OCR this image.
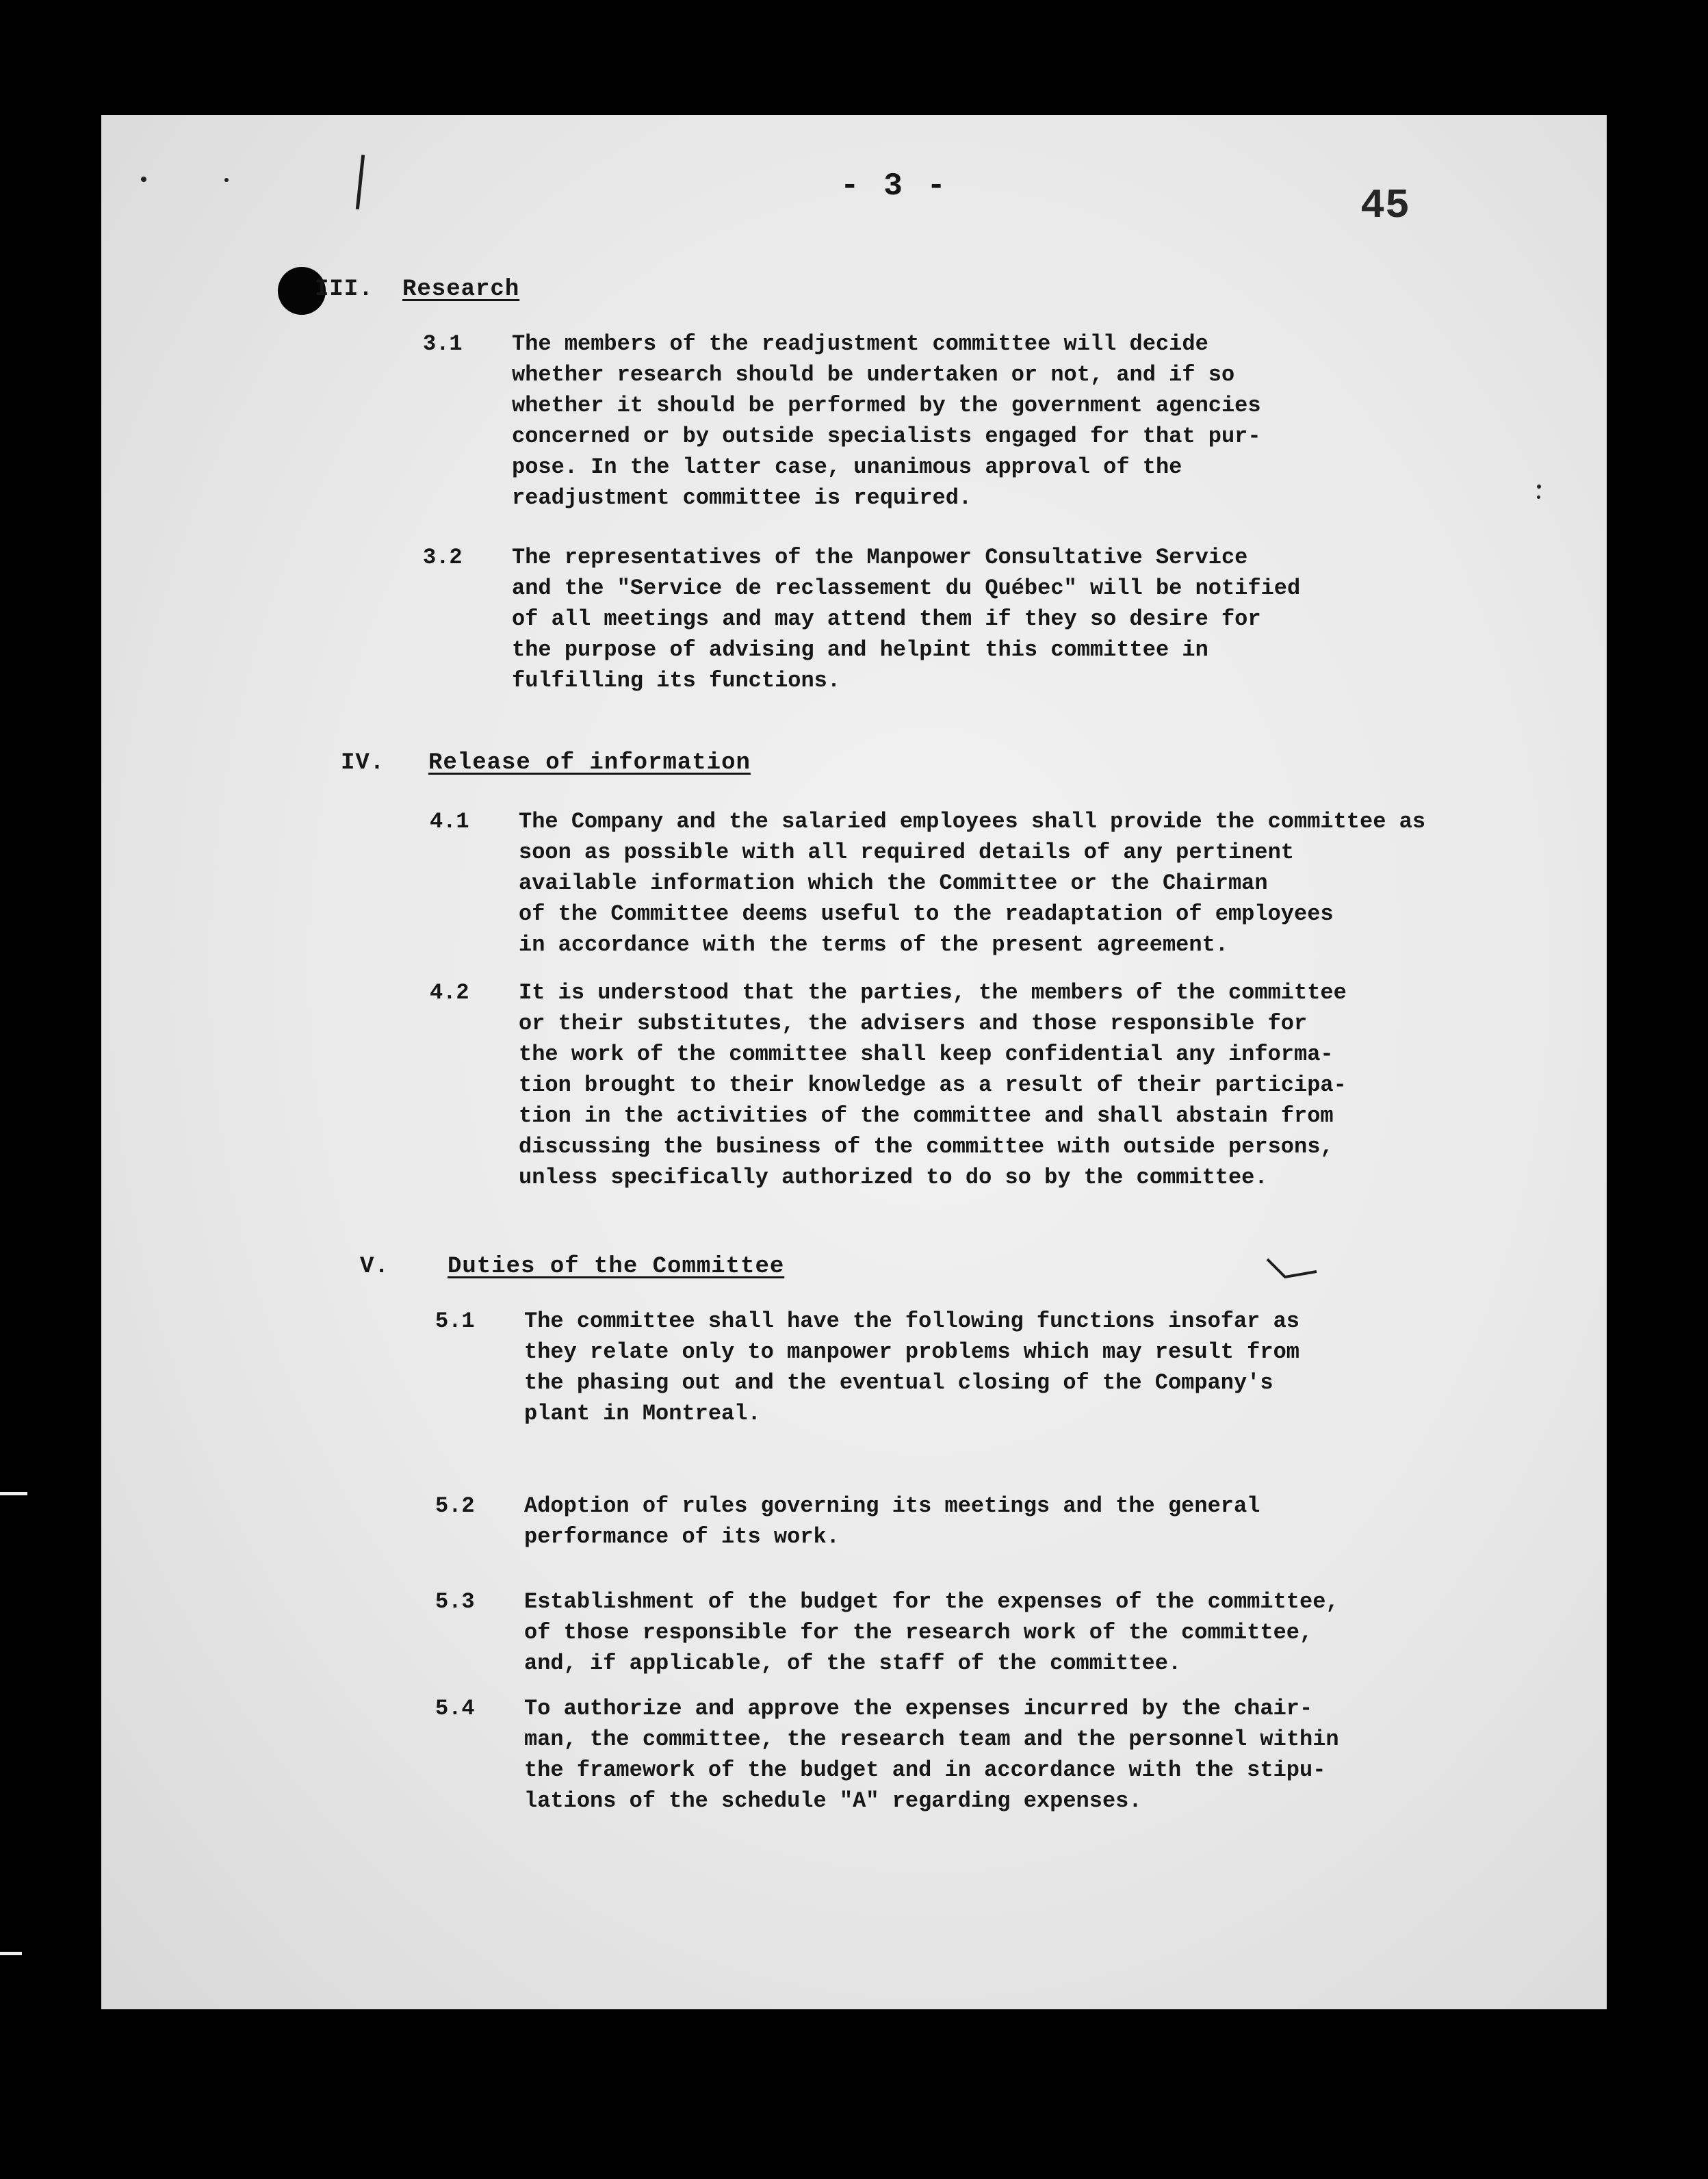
- 3 -	45
III. Research
3.1 The members of the readjustment committee will decide
whether research should be undertaken or not, and if so
whether it should be performed by the government agencies
concerned or by outside specialists engaged for that pur-
pose. In the latter case, unanimous approval of the
readjustment committee is required.
3.2 The representatives of the Manpower Consultative Service
and the "Service de reclassement du Québec" will be notified
of all meetings and may attend them if they so desire for
the purpose of advising and helpint this committee in
fulfilling its functions.
IV. Release of information
4.1 The Company and the salaried employees shall provide the committee as
soon as possible with all required details of any pertinent
available information which the Committee or the Chairman
of the Committee deems useful to the readaptation of employees
in accordance with the terms of the present agreement.
4.2 It is understood that the parties, the members of the committee
or their substitutes, the advisers and those responsible for
the work of the committee shall keep confidential any informa-
tion brought to their knowledge as a result of their participa-
tion in the activities of the committee and shall abstain from
discussing the business of the committee with outside persons,
unless specifically authorized to do so by the committee.
V.	Duties of the Committee
5.1 The committee shall have the following functions insofar as
they relate only to manpower problems which may result from
the phasing out and the eventual closing of the Company's
plant in Montreal.
5.2 Adoption of rules governing its meetings and the general
performance of its work.
5.3 Establishment of the budget for the expenses of the committee,
of those responsible for the research work of the committee,
and, if applicable, of the staff of the committee.
5.4 To authorize and approve the expenses incurred by the chair-
man, the committee, the research team and the personnel within
the framework of the budget and in accordance with the stipu-
lations of the schedule "A" regarding expenses.
